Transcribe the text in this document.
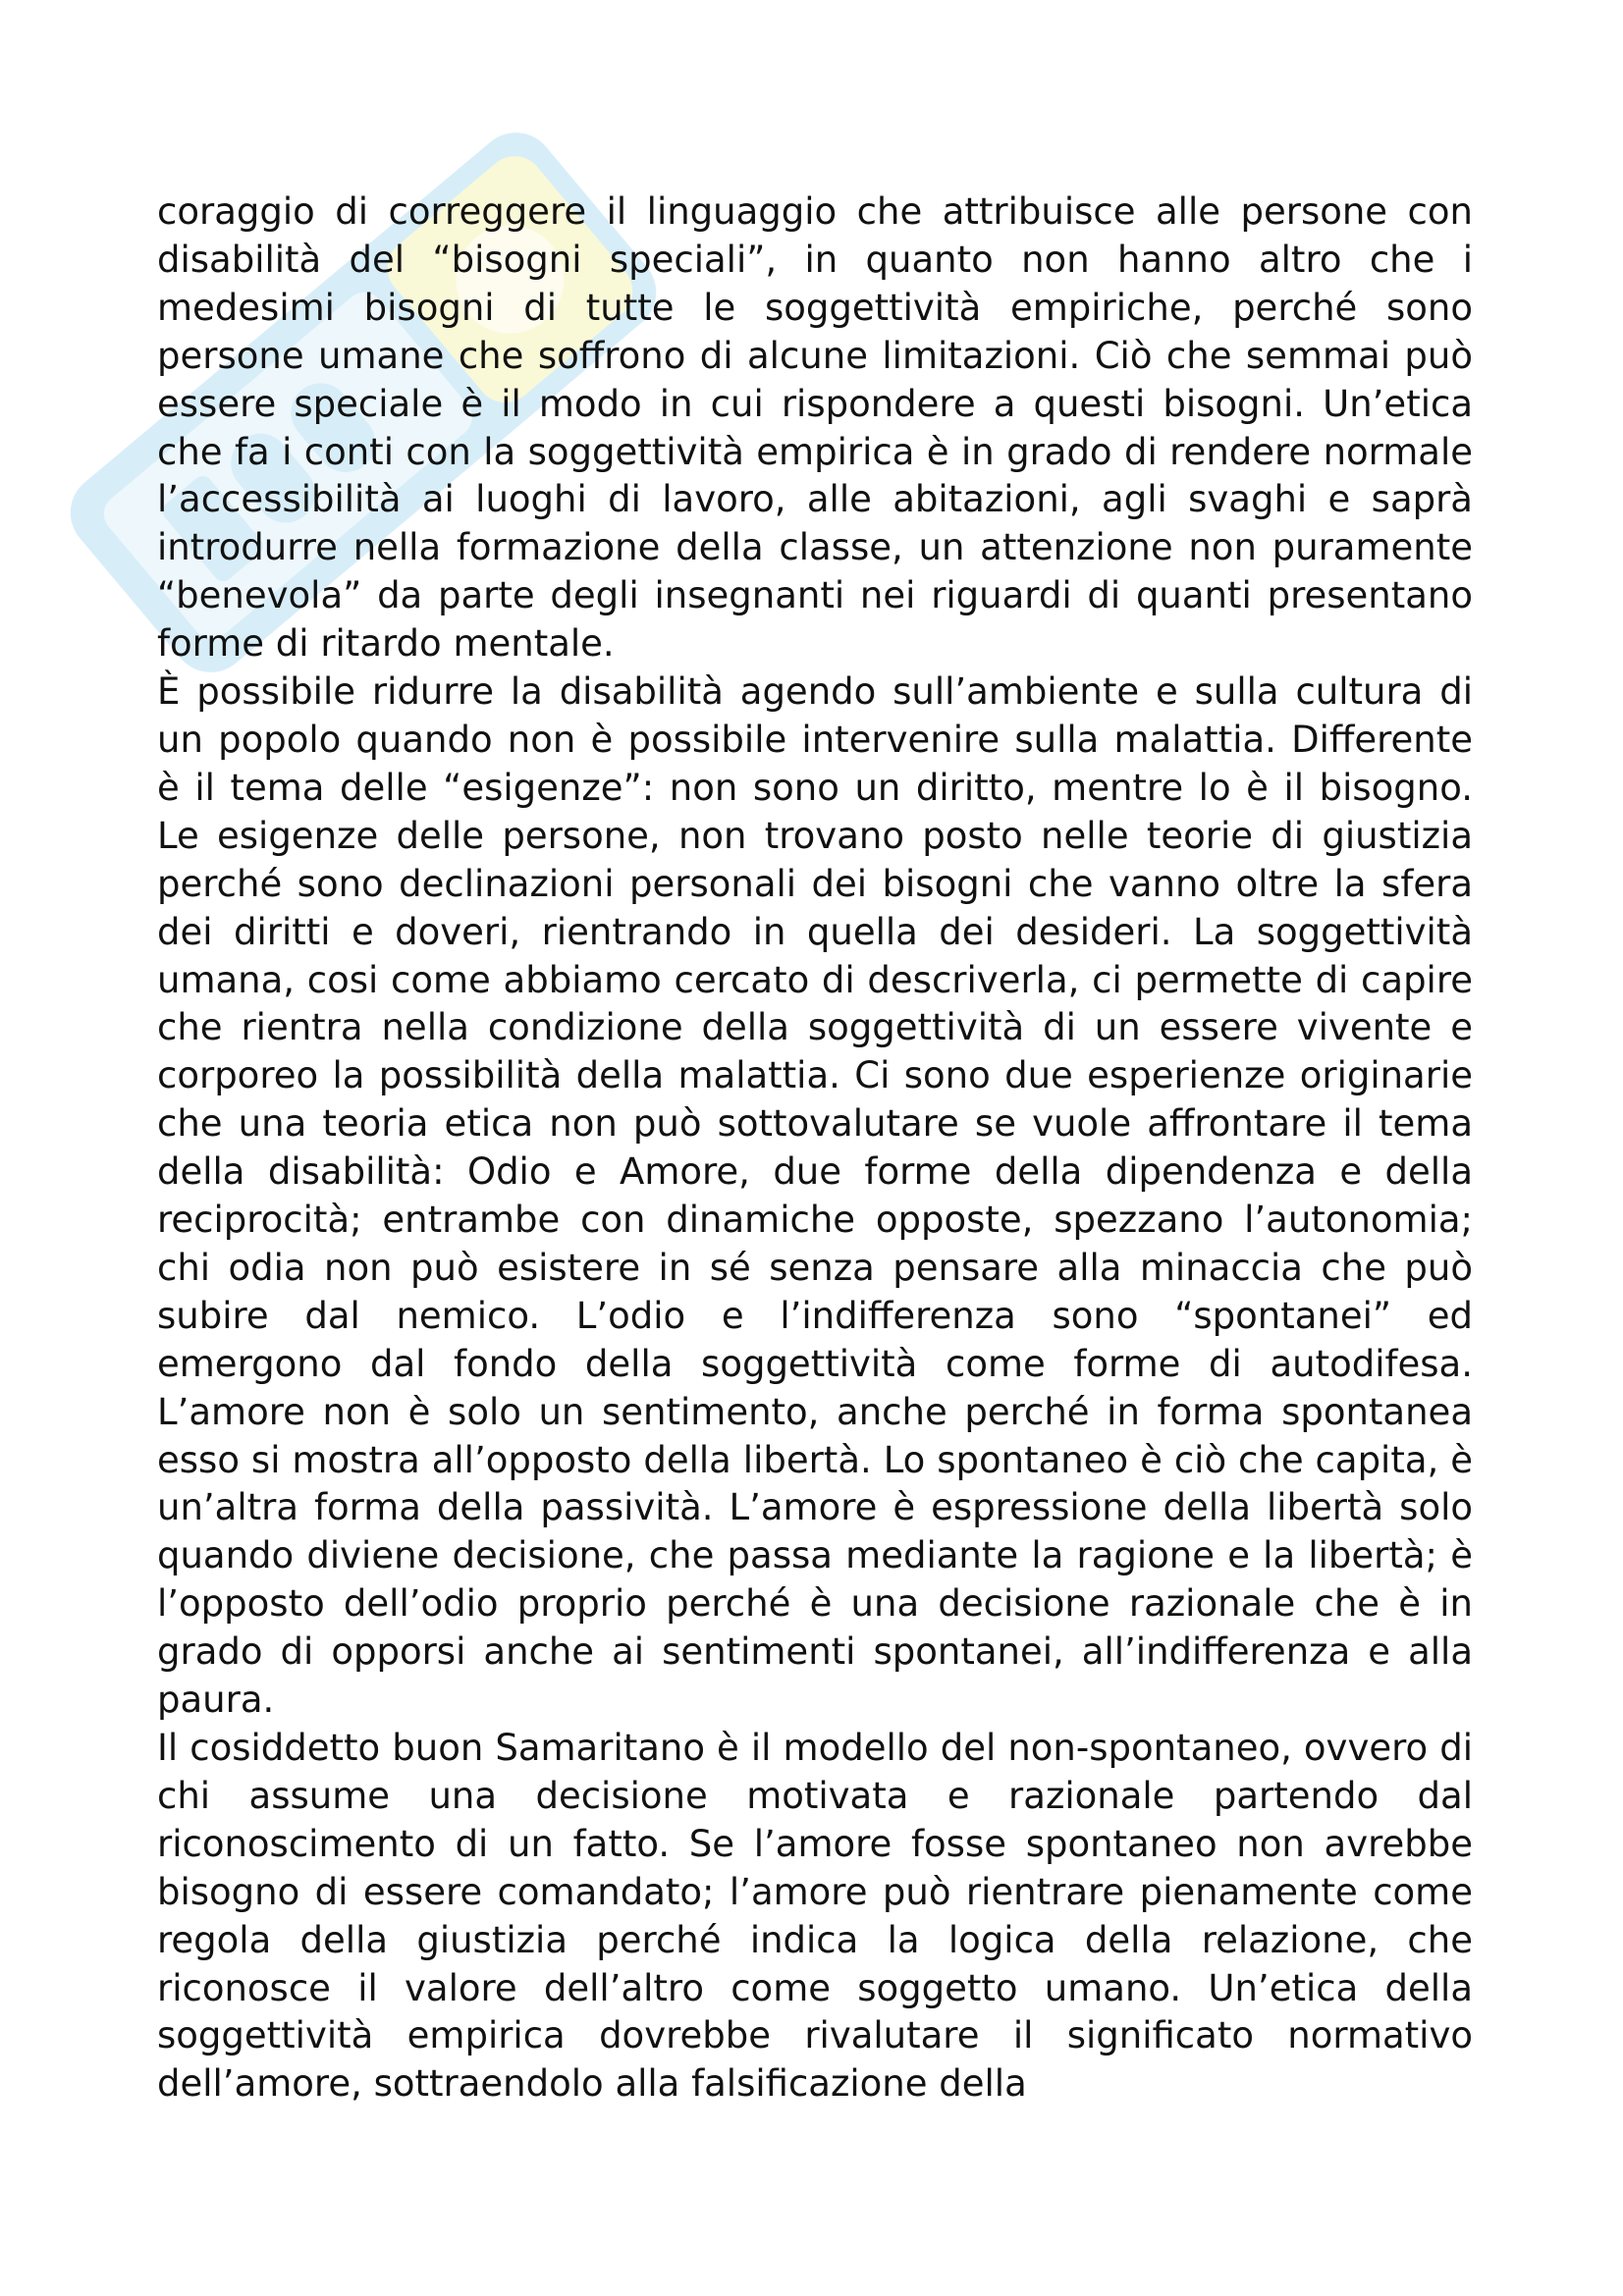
coraggio di correggere il linguaggio che attribuisce alle persone con disabilità del “bisogni speciali”, in quanto non hanno altro che i medesimi bisogni di tutte le soggettività empiriche, perché sono persone umane che soffrono di alcune limitazioni. Ciò che semmai può essere speciale è il modo in cui rispondere a questi bisogni. Un’etica che fa i conti con la soggettività empirica è in grado di rendere normale l’accessibilità ai luoghi di lavoro, alle abitazioni, agli svaghi e saprà introdurre nella formazione della classe, un attenzione non puramente “benevola” da parte degli insegnanti nei riguardi di quanti presentano forme di ritardo mentale.

È possibile ridurre la disabilità agendo sull’ambiente e sulla cultura di un popolo quando non è possibile intervenire sulla malattia. Differente è il tema delle “esigenze”: non sono un diritto, mentre lo è il bisogno. Le esigenze delle persone, non trovano posto nelle teorie di giustizia perché sono declinazioni personali dei bisogni che vanno oltre la sfera dei diritti e doveri, rientrando in quella dei desideri. La soggettività umana, cosi come abbiamo cercato di descriverla, ci permette di capire che rientra nella condizione della soggettività di un essere vivente e corporeo la possibilità della malattia. Ci sono due esperienze originarie che una teoria etica non può sottovalutare se vuole affrontare il tema della disabilità: Odio e Amore, due forme della dipendenza e della reciprocità; entrambe con dinamiche opposte, spezzano l’autonomia; chi odia non può esistere in sé senza pensare alla minaccia che può subire dal nemico. L’odio e l’indifferenza sono “spontanei” ed emergono dal fondo della soggettività come forme di autodifesa. L’amore non è solo un sentimento, anche perché in forma spontanea esso si mostra all’opposto della libertà. Lo spontaneo è ciò che capita, è un’altra forma della passività. L’amore è espressione della libertà solo quando diviene decisione, che passa mediante la ragione e la libertà; è l’opposto dell’odio proprio perché è una decisione razionale che è in grado di opporsi anche ai sentimenti spontanei, all’indifferenza e alla paura.

Il cosiddetto buon Samaritano è il modello del non-spontaneo, ovvero di chi assume una decisione motivata e razionale partendo dal riconoscimento di un fatto. Se l’amore fosse spontaneo non avrebbe bisogno di essere comandato; l’amore può rientrare pienamente come regola della giustizia perché indica la logica della relazione, che riconosce il valore dell’altro come soggetto umano. Un’etica della soggettività empirica dovrebbe rivalutare il significato normativo dell’amore, sottraendolo alla falsificazione della
